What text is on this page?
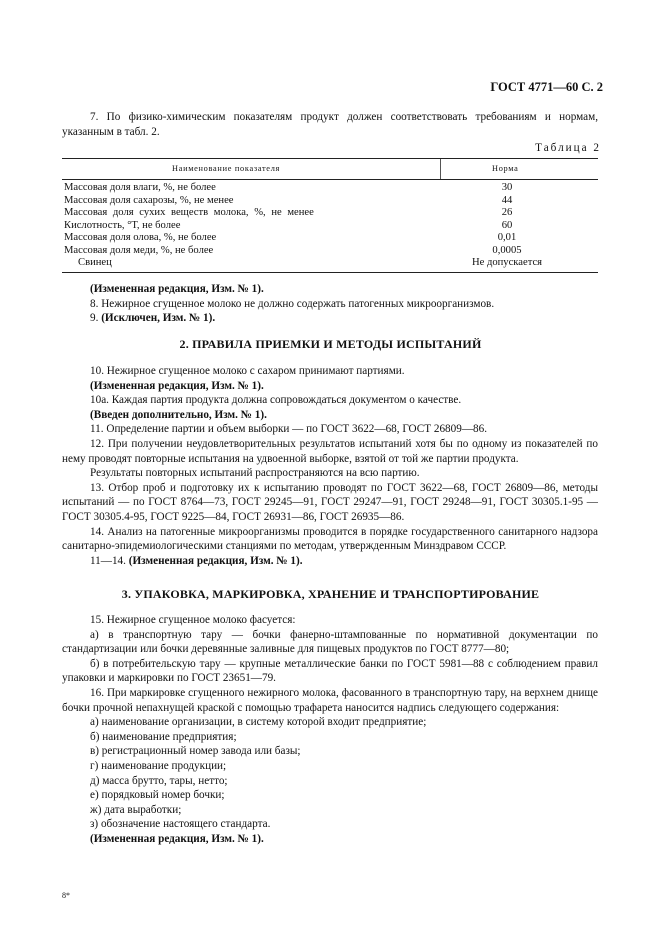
ГОСТ 4771—60 С. 2

7. По физико-химическим показателям продукт должен соответствовать требованиям и нормам, указанным в табл. 2.

Таблица 2
Наименование показателя	Норма
Массовая доля влаги, %, не более	30
Массовая доля сахарозы, %, не менее	44
Массовая доля сухих веществ молока, %, не менее	26
Кислотность, °Т, не более	60
Массовая доля олова, %, не более	0,01
Массовая доля меди, %, не более	0,0005
Свинец	Не допускается

(Измененная редакция, Изм. № 1).

8. Нежирное сгущенное молоко не должно содержать патогенных микроорганизмов.

9. (Исключен, Изм. № 1).

2. ПРАВИЛА ПРИЕМКИ И МЕТОДЫ ИСПЫТАНИЙ

10. Нежирное сгущенное молоко с сахаром принимают партиями.

(Измененная редакция, Изм. № 1).

10а. Каждая партия продукта должна сопровождаться документом о качестве.

(Введен дополнительно, Изм. № 1).

11. Определение партии и объем выборки — по ГОСТ 3622—68, ГОСТ 26809—86.

12. При получении неудовлетворительных результатов испытаний хотя бы по одному из показателей по нему проводят повторные испытания на удвоенной выборке, взятой от той же партии продукта.

Результаты повторных испытаний распространяются на всю партию.

13. Отбор проб и подготовку их к испытанию проводят по ГОСТ 3622—68, ГОСТ 26809—86, методы испытаний — по ГОСТ 8764—73, ГОСТ 29245—91, ГОСТ 29247—91, ГОСТ 29248—91, ГОСТ 30305.1-95 — ГОСТ 30305.4-95, ГОСТ 9225—84, ГОСТ 26931—86, ГОСТ 26935—86.

14. Анализ на патогенные микроорганизмы проводится в порядке государственного санитарного надзора санитарно-эпидемиологическими станциями по методам, утвержденным Минздравом СССР.

11—14. (Измененная редакция, Изм. № 1).

3. УПАКОВКА, МАРКИРОВКА, ХРАНЕНИЕ И ТРАНСПОРТИРОВАНИЕ

15. Нежирное сгущенное молоко фасуется:

а) в транспортную тару — бочки фанерно-штампованные по нормативной документации по стандартизации или бочки деревянные заливные для пищевых продуктов по ГОСТ 8777—80;

б) в потребительскую тару — крупные металлические банки по ГОСТ 5981—88 с соблюдением правил упаковки и маркировки по ГОСТ 23651—79.

16. При маркировке сгущенного нежирного молока, фасованного в транспортную тару, на верхнем днище бочки прочной непахнущей краской с помощью трафарета наносится надпись следующего содержания:

а) наименование организации, в систему которой входит предприятие;

б) наименование предприятия;

в) регистрационный номер завода или базы;

г) наименование продукции;

д) масса брутто, тары, нетто;

е) порядковый номер бочки;

ж) дата выработки;

з) обозначение настоящего стандарта.

(Измененная редакция, Изм. № 1).

8*
